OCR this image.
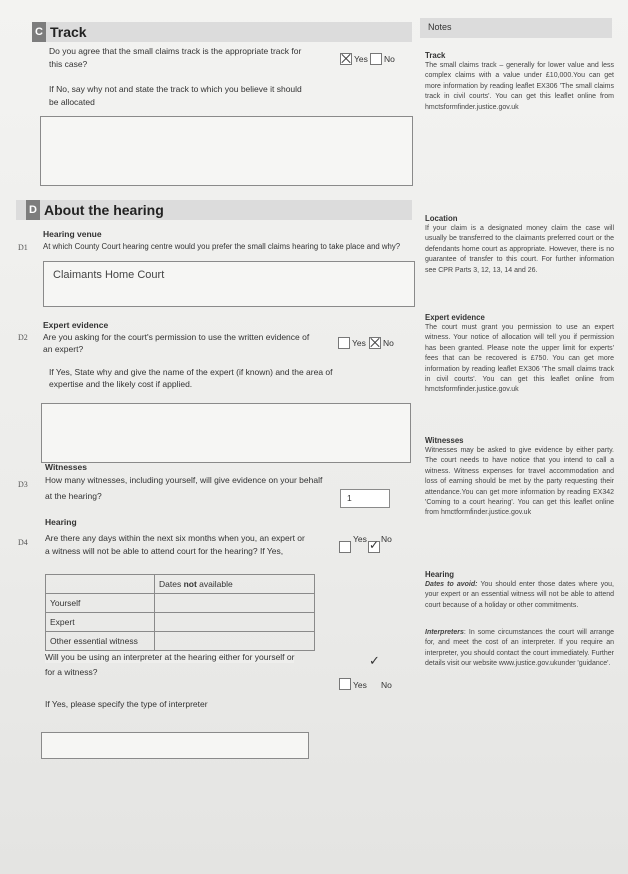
C Track
Do you agree that the small claims track is the appropriate track for
this case?	Yes No
If No, say why not and state the track to which you believe it should
be allocated
D About the hearing
Hearing venue
D1 At which County Court hearing centre would you prefer the small claims hearing to take place and why?
Claimants Home Court
Expert evidence
D2 Are you asking for the court's permission to use the written evidence of
an expert?
Yes No
If Yes, State why and give the name of the expert (if known) and the area of
expertise and the likely cost if applied.
Witnesses
D3 How many witnesses, including yourself, will give evidence on your behalf
at the hearing?	1
Hearing
D4 Are there any days within the next six months when you, an expert or
a witness will not be able to attend court for the hearing? If Yes,
Yes No
✓
	Dates not available
Yourself	
Expert	
Other essential witness	
Will you be using an interpreter at the hearing either for yourself or
for a witness?
✓
Yes No
If Yes, please specify the type of interpreter
Notes
Track
The small claims track – generally for lower value and less complex claims with a value under £10,000.You can get more information by reading leaflet EX306 'The small claims track in civil courts'. You can get this leaflet online from hmctsformfinder.justice.gov.uk
Location
If your claim is a designated money claim the case will usually be transferred to the claimants preferred court or the defendants home court as appropriate. However, there is no guarantee of transfer to this court. For further information see CPR Parts 3, 12, 13, 14 and 26.
Expert evidence
The court must grant you permission to use an expert witness. Your notice of allocation will tell you if permission has been granted. Please note the upper limit for experts' fees that can be recovered is £750. You can get more information by reading leaflet EX306 'The small claims track in civil courts'. You can get this leaflet online from hmctsformfinder.justice.gov.uk
Witnesses
Witnesses may be asked to give evidence by either party. The court needs to have notice that you intend to call a witness. Witness expenses for travel accommodation and loss of earning should be met by the party requesting their attendance.You can get more information by reading EX342 'Coming to a court hearing'. You can get this leaflet online from hmctformfinder.justice.gov.uk
Hearing
Dates to avoid: You should enter those dates where you, your expert or an essential witness will not be able to attend court because of a holiday or other commitments.
Interpreters: In some circumstances the court will arrange for, and meet the cost of an interpreter. If you require an interpreter, you should contact the court immediately. Further details visit our website www.justice.gov.ukunder 'guidance'.
